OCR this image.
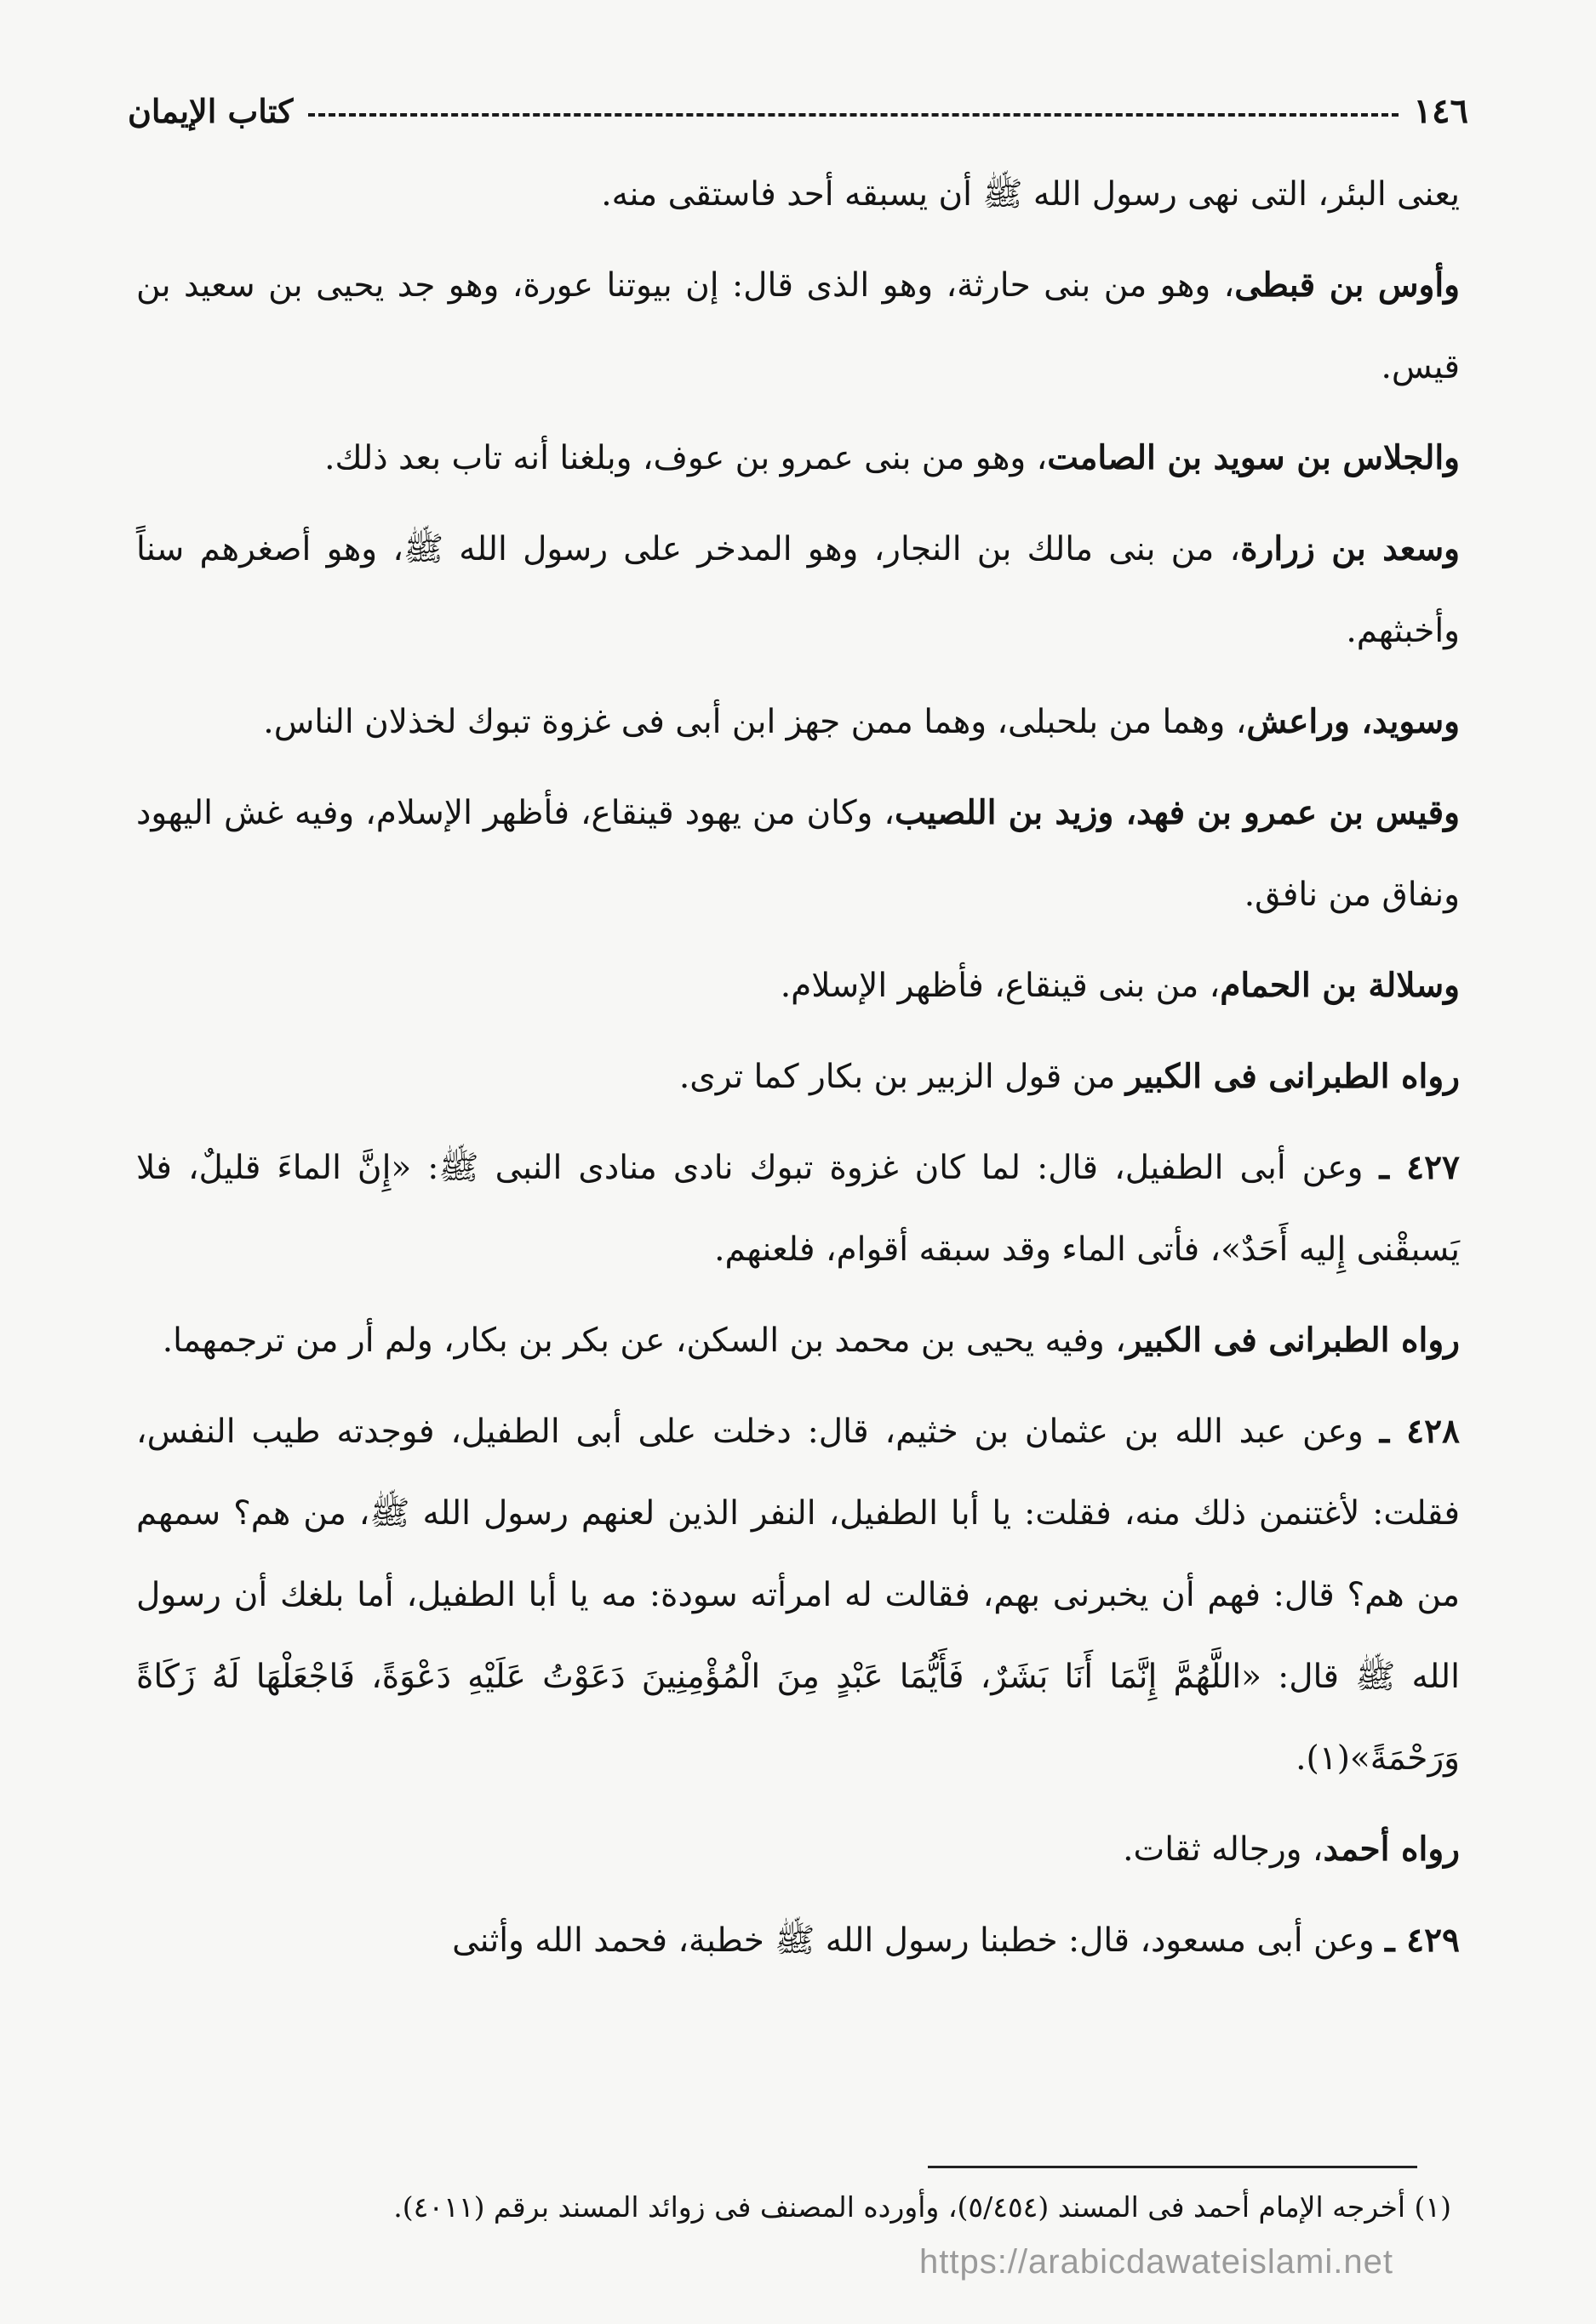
١٤٦
كتاب الإيمان

يعنى البئر، التى نهى رسول الله ﷺ أن يسبقه أحد فاستقى منه.

وأوس بن قبطى، وهو من بنى حارثة، وهو الذى قال: إن بيوتنا عورة، وهو جد يحيى بن سعيد بن قيس.

والجلاس بن سويد بن الصامت، وهو من بنى عمرو بن عوف، وبلغنا أنه تاب بعد ذلك.

وسعد بن زرارة، من بنى مالك بن النجار، وهو المدخر على رسول الله ﷺ، وهو أصغرهم سناً وأخبثهم.

وسويد، وراعش، وهما من بلحبلى، وهما ممن جهز ابن أبى فى غزوة تبوك لخذلان الناس.

وقيس بن عمرو بن فهد، وزيد بن اللصيب، وكان من يهود قينقاع، فأظهر الإسلام، وفيه غش اليهود ونفاق من نافق.

وسلالة بن الحمام، من بنى قينقاع، فأظهر الإسلام.

رواه الطبرانى فى الكبير من قول الزبير بن بكار كما ترى.

٤٢٧ ـ وعن أبى الطفيل، قال: لما كان غزوة تبوك نادى منادى النبى ﷺ: «إِنَّ الماءَ قليلٌ، فلا يَسبقْنى إِليه أَحَدٌ»، فأتى الماء وقد سبقه أقوام، فلعنهم.

رواه الطبرانى فى الكبير، وفيه يحيى بن محمد بن السكن، عن بكر بن بكار، ولم أر من ترجمهما.

٤٢٨ ـ وعن عبد الله بن عثمان بن خثيم، قال: دخلت على أبى الطفيل، فوجدته طيب النفس، فقلت: لأغتنمن ذلك منه، فقلت: يا أبا الطفيل، النفر الذين لعنهم رسول الله ﷺ، من هم؟ سمهم من هم؟ قال: فهم أن يخبرنى بهم، فقالت له امرأته سودة: مه يا أبا الطفيل، أما بلغك أن رسول الله ﷺ قال: «اللَّهُمَّ إِنَّمَا أَنَا بَشَرٌ، فَأَيُّمَا عَبْدٍ مِنَ الْمُؤْمِنِينَ دَعَوْتُ عَلَيْهِ دَعْوَةً، فَاجْعَلْهَا لَهُ زَكَاةً وَرَحْمَةً»(١).

رواه أحمد، ورجاله ثقات.

٤٢٩ ـ وعن أبى مسعود، قال: خطبنا رسول الله ﷺ خطبة، فحمد الله وأثنى

(١) أخرجه الإمام أحمد فى المسند (٥/٤٥٤)، وأورده المصنف فى زوائد المسند برقم (٤٠١١).
https://arabicdawateislami.net
